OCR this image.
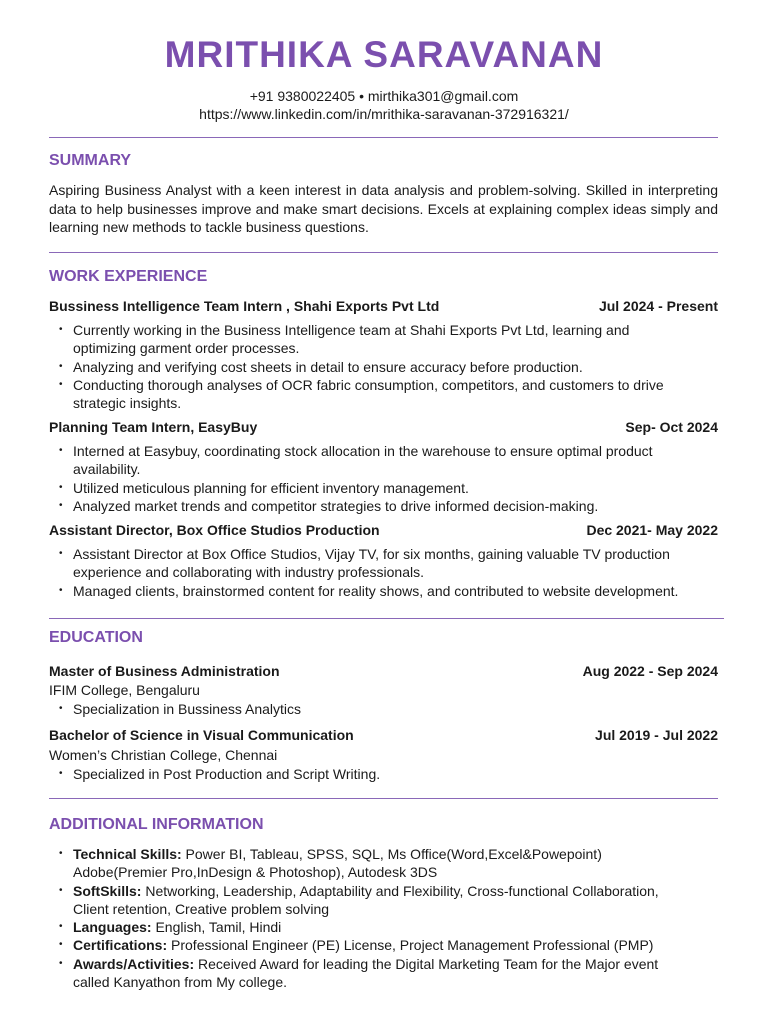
MRITHIKA SARAVANAN
+91 9380022405 • mirthika301@gmail.com
https://www.linkedin.com/in/mrithika-saravanan-372916321/
SUMMARY
Aspiring Business Analyst with a keen interest in data analysis and problem-solving. Skilled in interpreting data to help businesses improve and make smart decisions. Excels at explaining complex ideas simply and learning new methods to tackle business questions.
WORK EXPERIENCE
Bussiness Intelligence Team Intern , Shahi Exports Pvt Ltd	Jul 2024 - Present
• Currently working in the Business Intelligence team at Shahi Exports Pvt Ltd, learning and optimizing garment order processes.
• Analyzing and verifying cost sheets in detail to ensure accuracy before production.
• Conducting thorough analyses of OCR fabric consumption, competitors, and customers to drive strategic insights.
Planning Team Intern, EasyBuy	Sep- Oct 2024
• Interned at Easybuy, coordinating stock allocation in the warehouse to ensure optimal product availability.
• Utilized meticulous planning for efficient inventory management.
• Analyzed market trends and competitor strategies to drive informed decision-making.
Assistant Director, Box Office Studios Production	Dec 2021- May 2022
• Assistant Director at Box Office Studios, Vijay TV, for six months, gaining valuable TV production experience and collaborating with industry professionals.
• Managed clients, brainstormed content for reality shows, and contributed to website development.
EDUCATION
Master of Business Administration	Aug 2022 - Sep 2024
IFIM College, Bengaluru
• Specialization in Bussiness Analytics
Bachelor of Science in Visual Communication	Jul 2019 - Jul 2022
Women’s Christian College, Chennai
• Specialized in Post Production and Script Writing.
ADDITIONAL INFORMATION
• Technical Skills: Power BI, Tableau, SPSS, SQL, Ms Office(Word,Excel&Powepoint) Adobe(Premier Pro,InDesign & Photoshop), Autodesk 3DS
• SoftSkills: Networking, Leadership, Adaptability and Flexibility, Cross-functional Collaboration, Client retention, Creative problem solving
• Languages: English, Tamil, Hindi
• Certifications: Professional Engineer (PE) License, Project Management Professional (PMP)
• Awards/Activities: Received Award for leading the Digital Marketing Team for the Major event called Kanyathon from My college.
